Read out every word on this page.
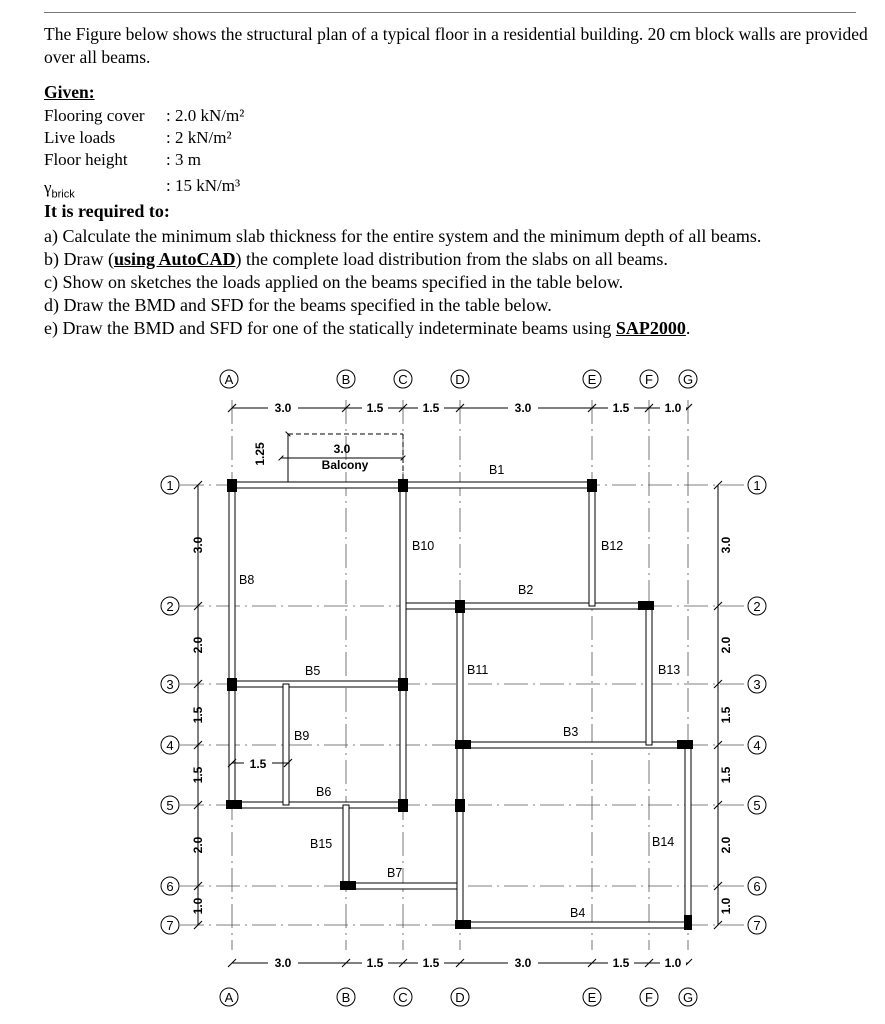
The Figure below shows the structural plan of a typical floor in a residential building. 20 cm block walls are provided over all beams.
Given:
Flooring cover : 2.0 kN/m²
Live loads	: 2 kN/m²
Floor height : 3 m
$\gamma_{brick}$	: 15 kN/m³
It is required to:
a) Calculate the minimum slab thickness for the entire system and the minimum depth of all beams.
b) Draw (using AutoCAD) the complete load distribution from the slabs on all beams.
c) Show on sketches the loads applied on the beams specified in the table below.
d) Draw the BMD and SFD for the beams specified in the table below.
e) Draw the BMD and SFD for one of the statically indeterminate beams using SAP2000.
A	B	C	D	E	F G
A	B	C	D	E	F G
1
2
3
4
5
6
7
1
2
3
4
5
6
7
3.0	1.5	1.5	3.0	1.5	1.0
3.0	1.5	1.5	3.0	1.5	1.0
3.0
Balcony
1.25
1.5
3.0
2.0
1.5
1.5
2.0
1.0
3.0
2.0
1.5
1.5
2.0
1.0
B1
B2
B3
B4
B5
B6
B7
B8
B9
B10
B11
B12
B13
B14
B15
